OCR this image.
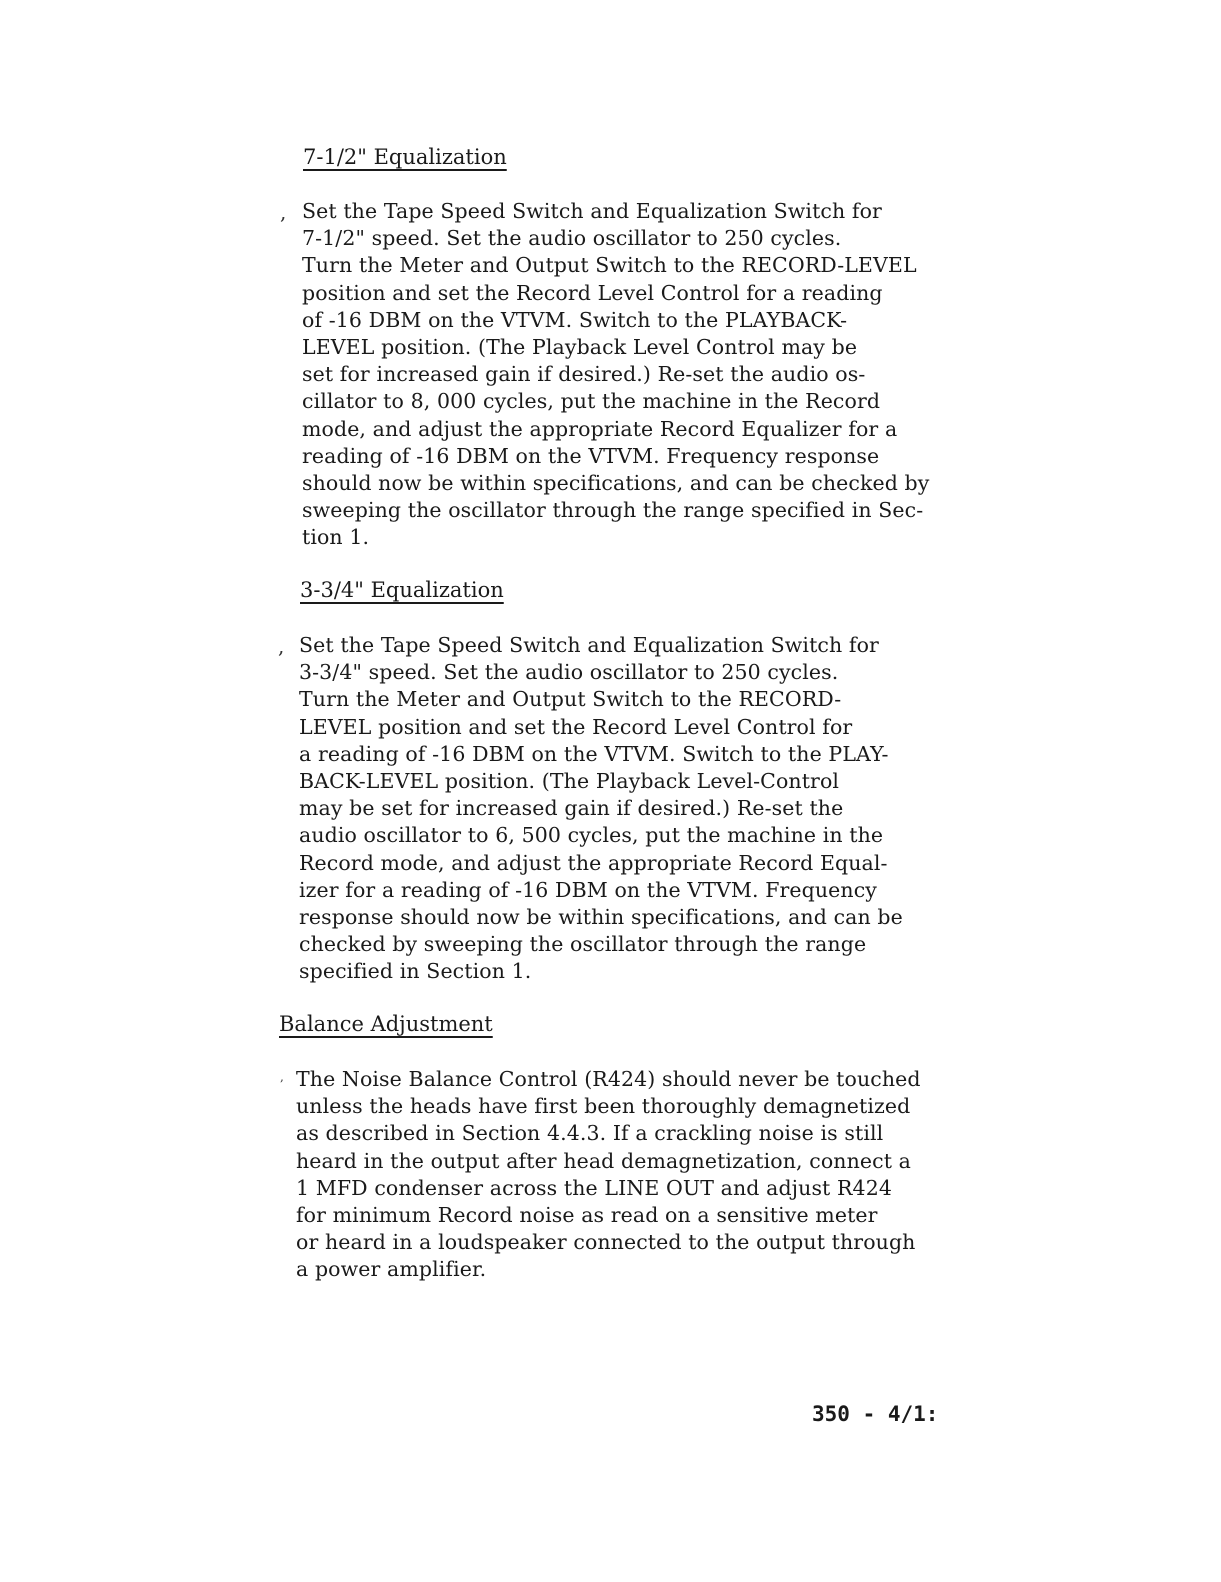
7-1/2" Equalization
, Set the Tape Speed Switch and Equalization Switch for
7-1/2" speed. Set the audio oscillator to 250 cycles.
Turn the Meter and Output Switch to the RECORD-LEVEL
position and set the Record Level Control for a reading
of -16 DBM on the VTVM. Switch to the PLAYBACK-
LEVEL position. (The Playback Level Control may be
set for increased gain if desired.) Re-set the audio os-
cillator to 8, 000 cycles, put the machine in the Record
mode, and adjust the appropriate Record Equalizer for a
reading of -16 DBM on the VTVM. Frequency response
should now be within specifications, and can be checked by
sweeping the oscillator through the range specified in Sec-
tion 1.
3-3/4" Equalization
, Set the Tape Speed Switch and Equalization Switch for
3-3/4" speed. Set the audio oscillator to 250 cycles.
Turn the Meter and Output Switch to the RECORD-
LEVEL position and set the Record Level Control for
a reading of -16 DBM on the VTVM. Switch to the PLAY-
BACK-LEVEL position. (The Playback Level-Control
may be set for increased gain if desired.) Re-set the
audio oscillator to 6, 500 cycles, put the machine in the
Record mode, and adjust the appropriate Record Equal-
izer for a reading of -16 DBM on the VTVM. Frequency
response should now be within specifications, and can be
checked by sweeping the oscillator through the range
specified in Section 1.
Balance Adjustment
, The Noise Balance Control (R424) should never be touched
unless the heads have first been thoroughly demagnetized
as described in Section 4.4.3. If a crackling noise is still
heard in the output after head demagnetization, connect a
1 MFD condenser across the LINE OUT and adjust R424
for minimum Record noise as read on a sensitive meter
or heard in a loudspeaker connected to the output through
a power amplifier.
350 - 4/1:
